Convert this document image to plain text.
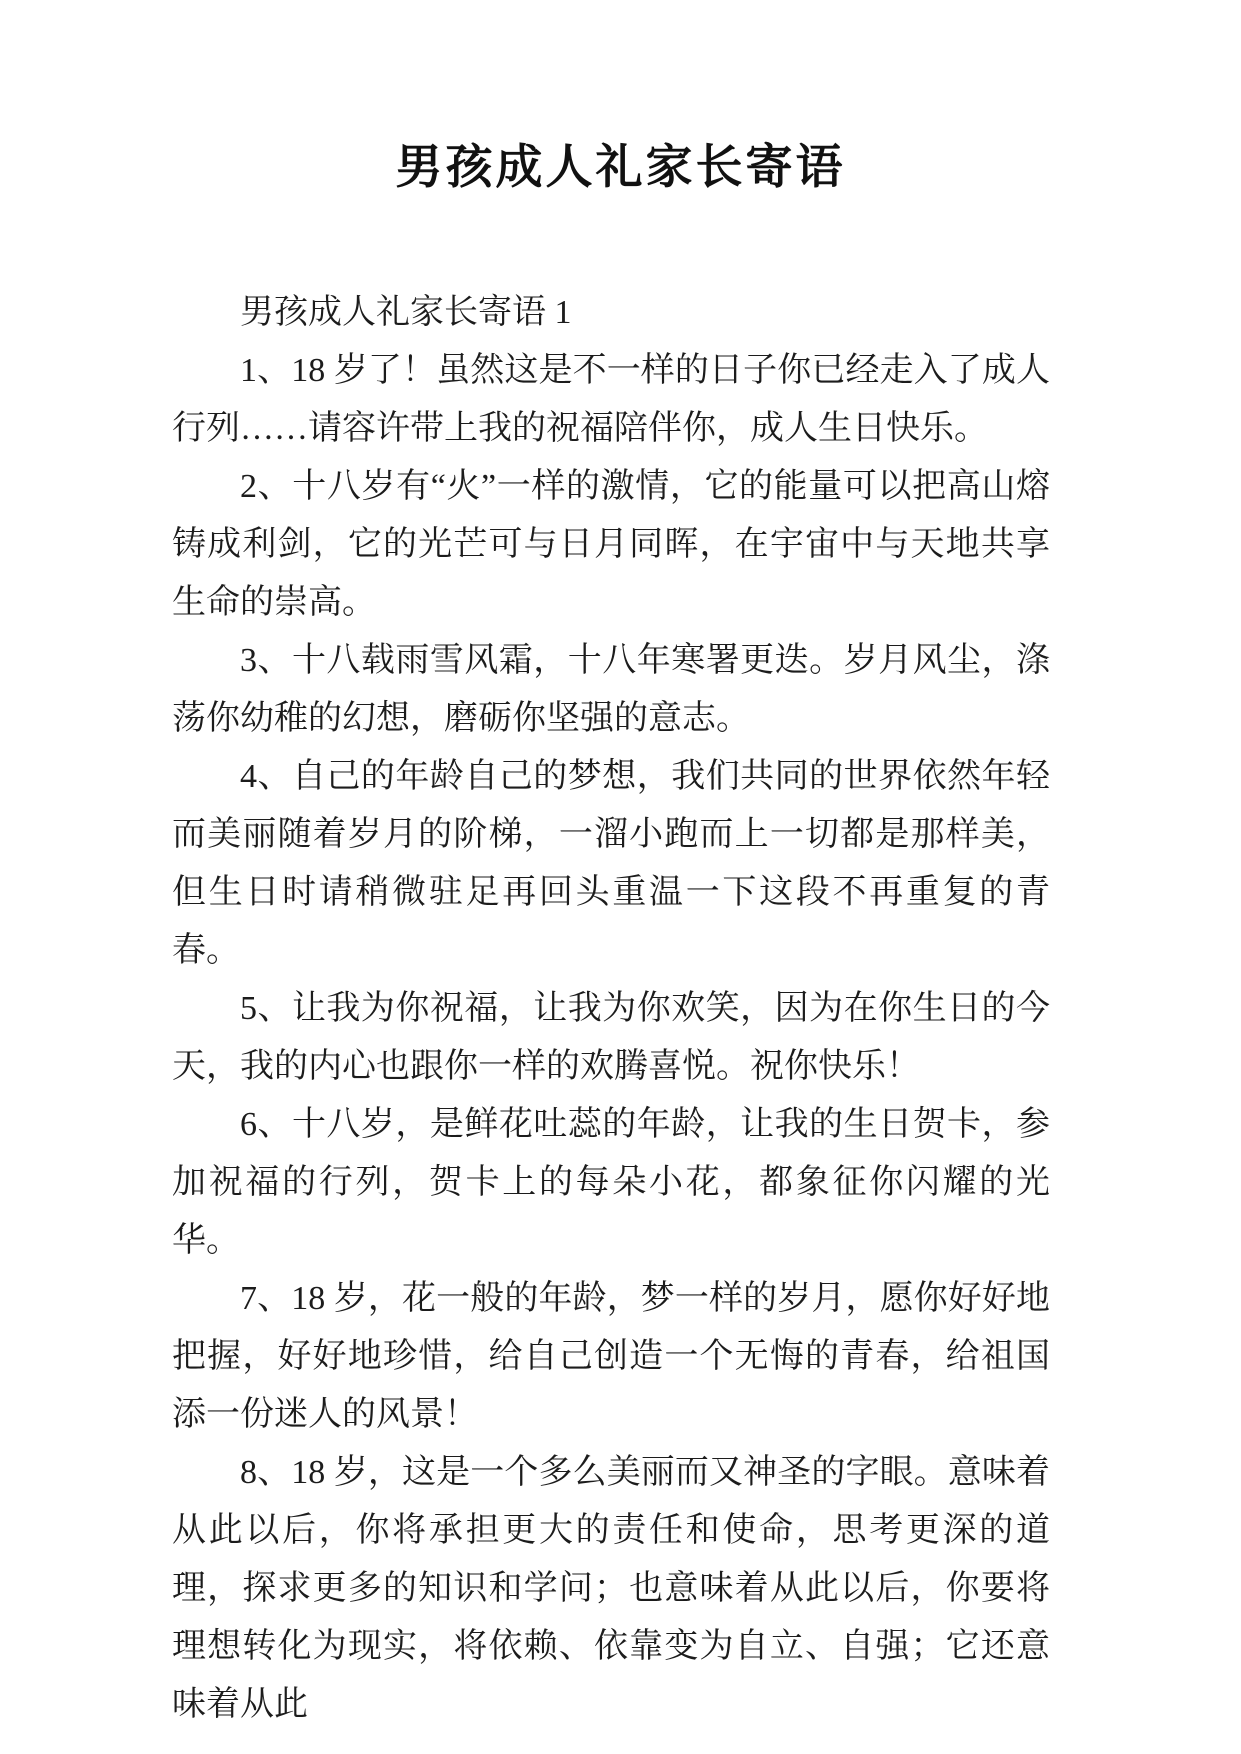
男孩成人礼家长寄语

男孩成人礼家长寄语 1

1、18 岁了！虽然这是不一样的日子你已经走入了成人行列……请容许带上我的祝福陪伴你，成人生日快乐。

2、十八岁有“火”一样的激情，它的能量可以把高山熔铸成利剑，它的光芒可与日月同晖，在宇宙中与天地共享生命的崇高。

3、十八载雨雪风霜，十八年寒署更迭。岁月风尘，涤荡你幼稚的幻想，磨砺你坚强的意志。

4、自己的年龄自己的梦想，我们共同的世界依然年轻而美丽随着岁月的阶梯，一溜小跑而上一切都是那样美，但生日时请稍微驻足再回头重温一下这段不再重复的青春。

5、让我为你祝福，让我为你欢笑，因为在你生日的今天，我的内心也跟你一样的欢腾喜悦。祝你快乐！

6、十八岁，是鲜花吐蕊的年龄，让我的生日贺卡，参加祝福的行列，贺卡上的每朵小花，都象征你闪耀的光华。

7、18 岁，花一般的年龄，梦一样的岁月，愿你好好地把握，好好地珍惜，给自己创造一个无悔的青春，给祖国添一份迷人的风景！

8、18 岁，这是一个多么美丽而又神圣的字眼。意味着从此以后，你将承担更大的责任和使命，思考更深的道理，探求更多的知识和学问；也意味着从此以后，你要将理想转化为现实，将依赖、依靠变为自立、自强；它还意味着从此
